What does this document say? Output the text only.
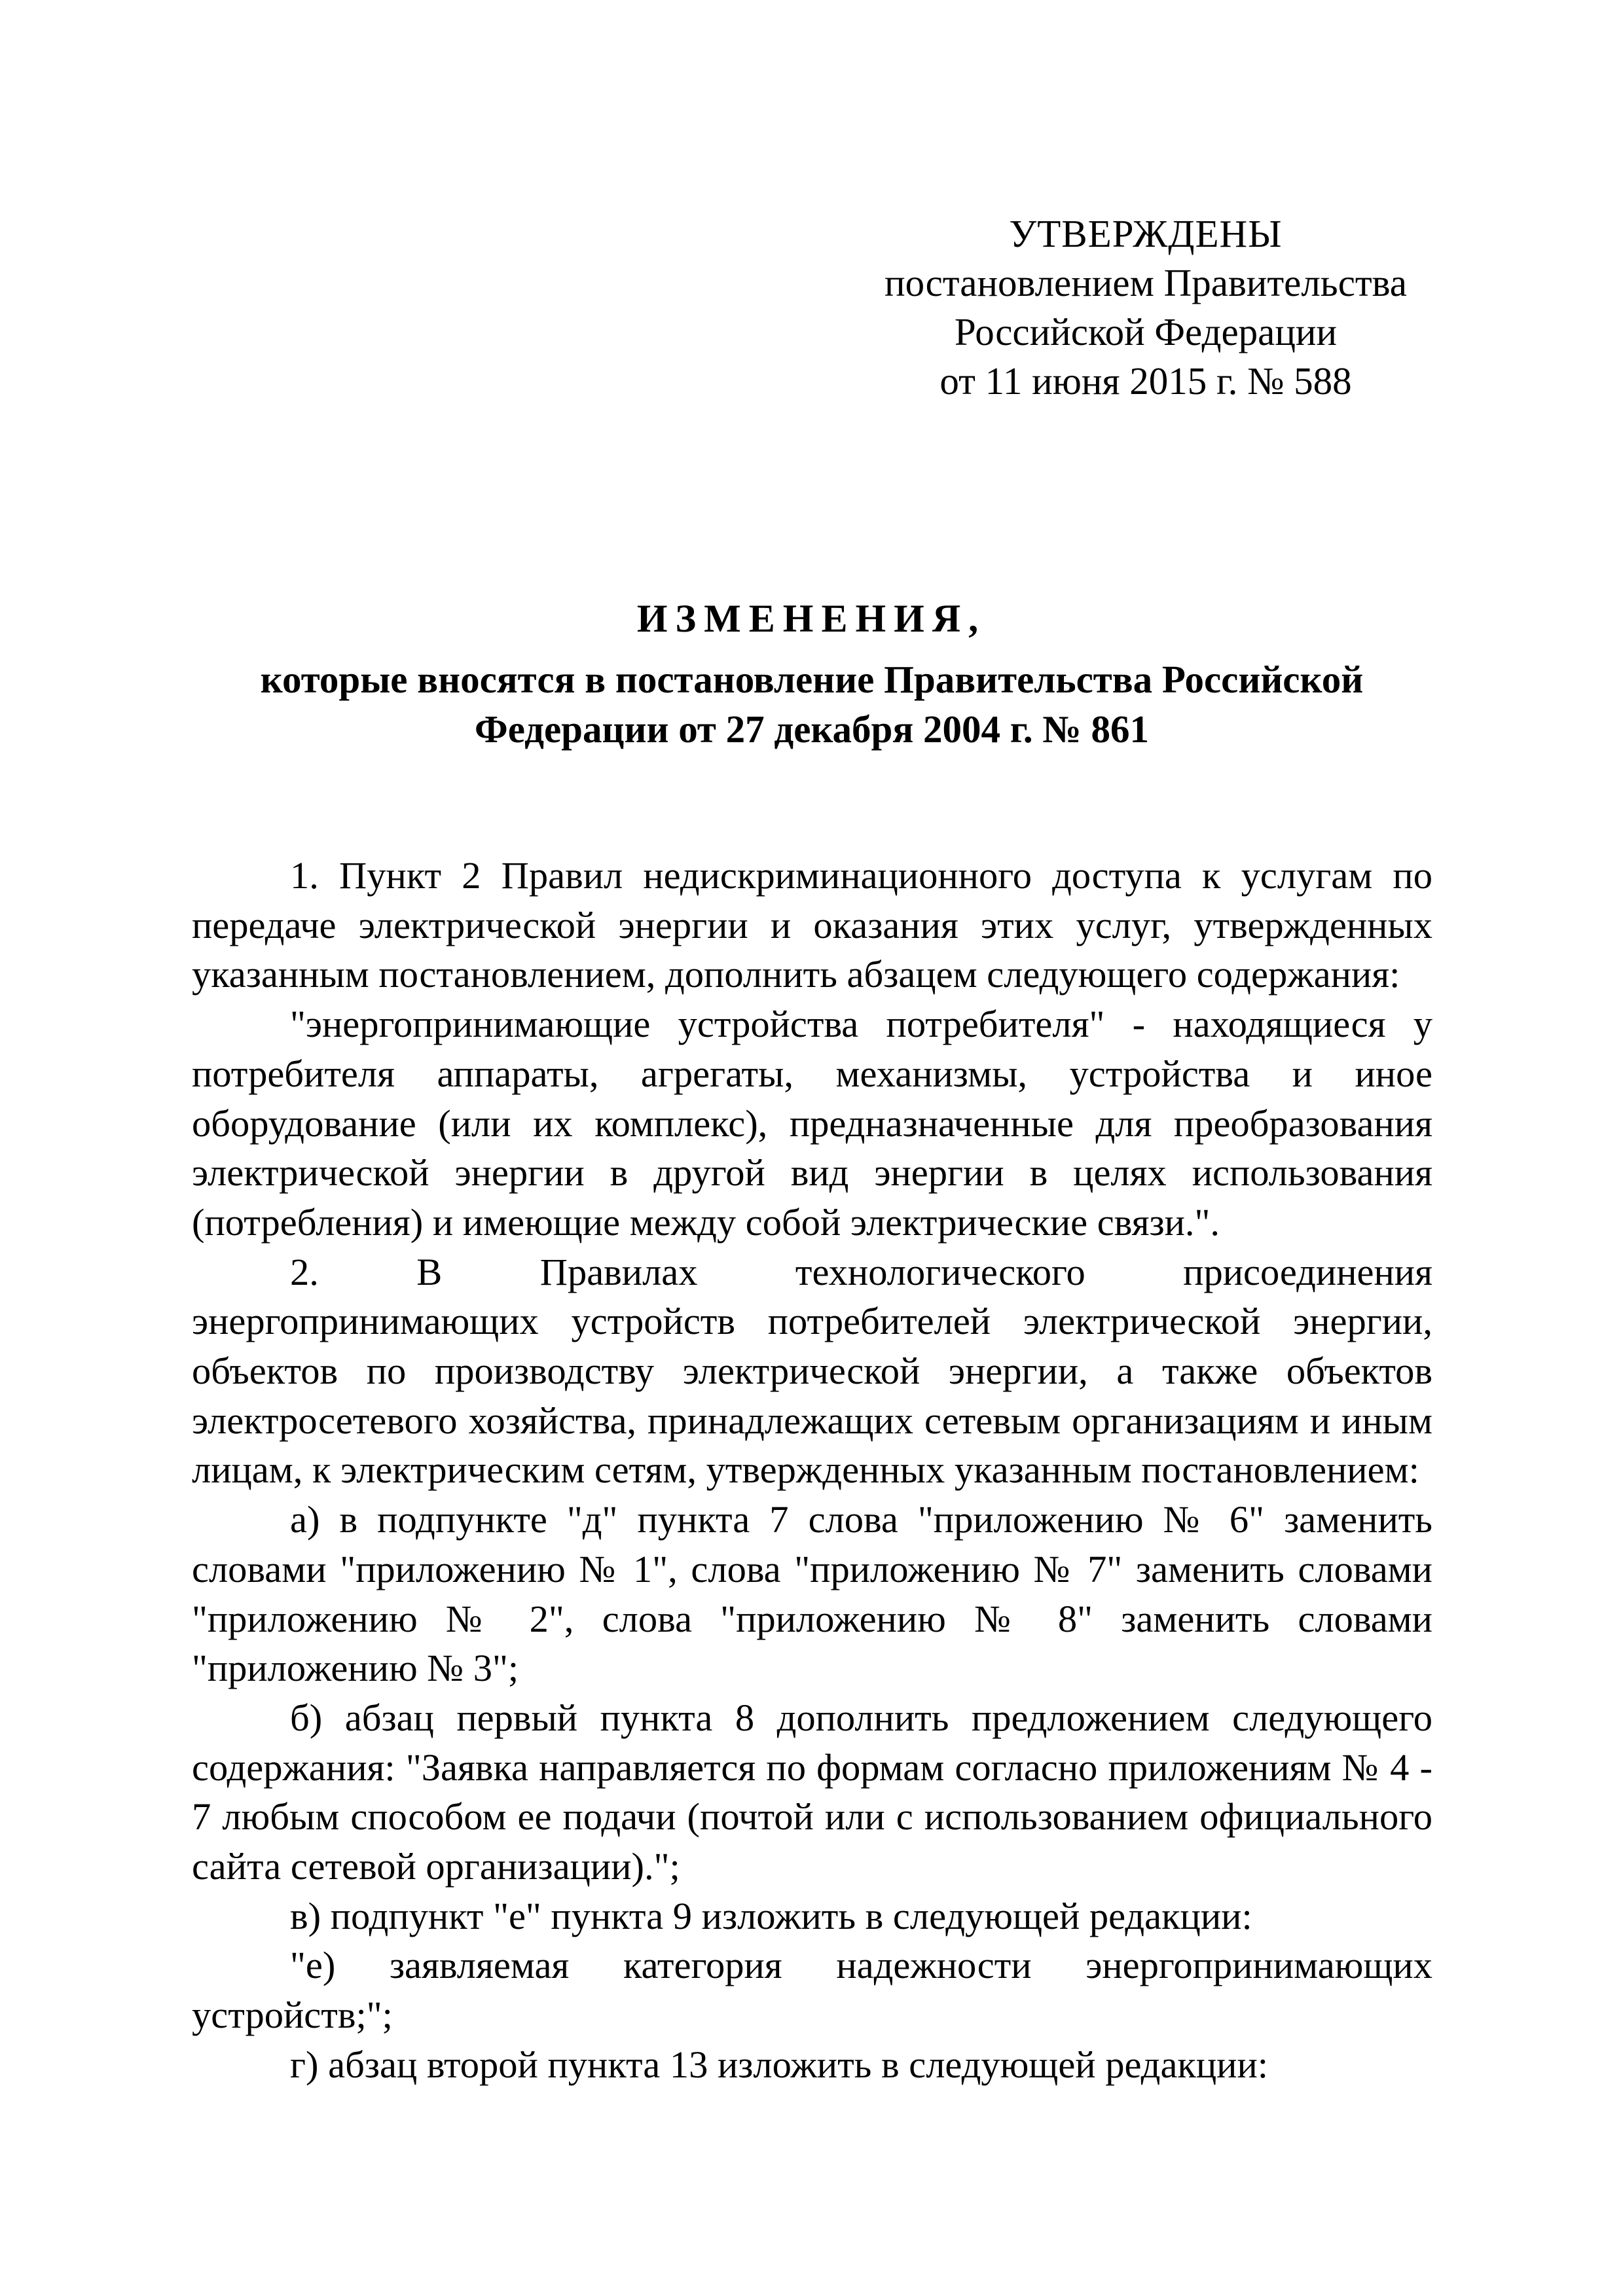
УТВЕРЖДЕНЫ
постановлением Правительства
Российской Федерации
от 11 июня 2015 г. № 588
ИЗМЕНЕНИЯ,
которые вносятся в постановление Правительства Российской
Федерации от 27 декабря 2004 г. № 861

1. Пункт 2 Правил недискриминационного доступа к услугам по передаче электрической энергии и оказания этих услуг, утвержденных указанным постановлением, дополнить абзацем следующего содержания:

"энергопринимающие устройства потребителя" - находящиеся у потребителя аппараты, агрегаты, механизмы, устройства и иное оборудование (или их комплекс), предназначенные для преобразования электрической энергии в другой вид энергии в целях использования (потребления) и имеющие между собой электрические связи.".

2. В Правилах технологического присоединения энергопринимающих устройств потребителей электрической энергии, объектов по производству электрической энергии, а также объектов электросетевого хозяйства, принадлежащих сетевым организациям и иным лицам, к электрическим сетям, утвержденных указанным постановлением:

а) в подпункте "д" пункта 7 слова "приложению № 6" заменить словами "приложению № 1", слова "приложению № 7" заменить словами "приложению № 2", слова "приложению № 8" заменить словами "приложению № 3";

б) абзац первый пункта 8 дополнить предложением следующего содержания: "Заявка направляется по формам согласно приложениям № 4 - 7 любым способом ее подачи (почтой или с использованием официального сайта сетевой организации).";

в) подпункт "е" пункта 9 изложить в следующей редакции:

"е) заявляемая категория надежности энергопринимающих устройств;";

г) абзац второй пункта 13 изложить в следующей редакции:
